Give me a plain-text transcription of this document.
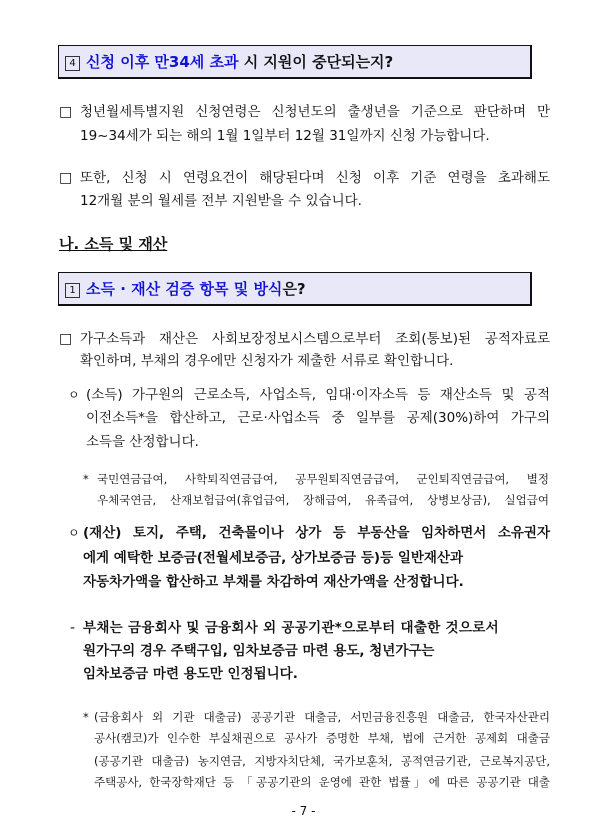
4 신청 이후 만34세 초과 시 지원이 중단되는지?
□ 청년월세특별지원 신청연령은 신청년도의 출생년을 기준으로 판단하며 만
19~34세가 되는 해의 1월 1일부터 12월 31일까지 신청 가능합니다.
□ 또한, 신청 시 연령요건이 해당된다며 신청 이후 기준 연령을 초과해도
12개월 분의 월세를 전부 지원받을 수 있습니다.
나. 소득 및 재산
1 소득 · 재산 검증 항목 및 방식은?
□ 가구소득과 재산은 사회보장정보시스템으로부터 조회(통보)된 공적자료로
확인하며, 부채의 경우에만 신청자가 제출한 서류로 확인합니다.
ㅇ (소득) 가구원의 근로소득, 사업소득, 임대·이자소득 등 재산소득 및 공적
이전소득*을 합산하고, 근로·사업소득 중 일부를 공제(30%)하여 가구의
소득을 산정합니다.
* 국민연금급여, 사학퇴직연금급여, 공무원퇴직연금급여, 군인퇴직연금급여, 별정
우체국연금, 산재보험급여(휴업급여, 장해급여, 유족급여, 상병보상금), 실업급여
ㅇ (재산) 토지, 주택, 건축물이나 상가 등 부동산을 임차하면서 소유권자
에게 예탁한 보증금(전월세보증금, 상가보증금 등)등 일반재산과
자동차가액을 합산하고 부채를 차감하여 재산가액을 산정합니다.
- 부채는 금융회사 및 금융회사 외 공공기관*으로부터 대출한 것으로서
원가구의 경우 주택구입, 임차보증금 마련 용도, 청년가구는
임차보증금 마련 용도만 인정됩니다.
* (금융회사 외 기관 대출금) 공공기관 대출금, 서민금융진흥원 대출금, 한국자산관리
공사(캠코)가 인수한 부실채권으로 공사가 증명한 부채, 법에 근거한 공제회 대출금
(공공기관 대출금) 농지연금, 지방자치단체, 국가보훈처, 공적연금기관, 근로복지공단,
주택공사, 한국장학재단 등 「공공기관의 운영에 관한 법률」에 따른 공공기관 대출
- 7 -
